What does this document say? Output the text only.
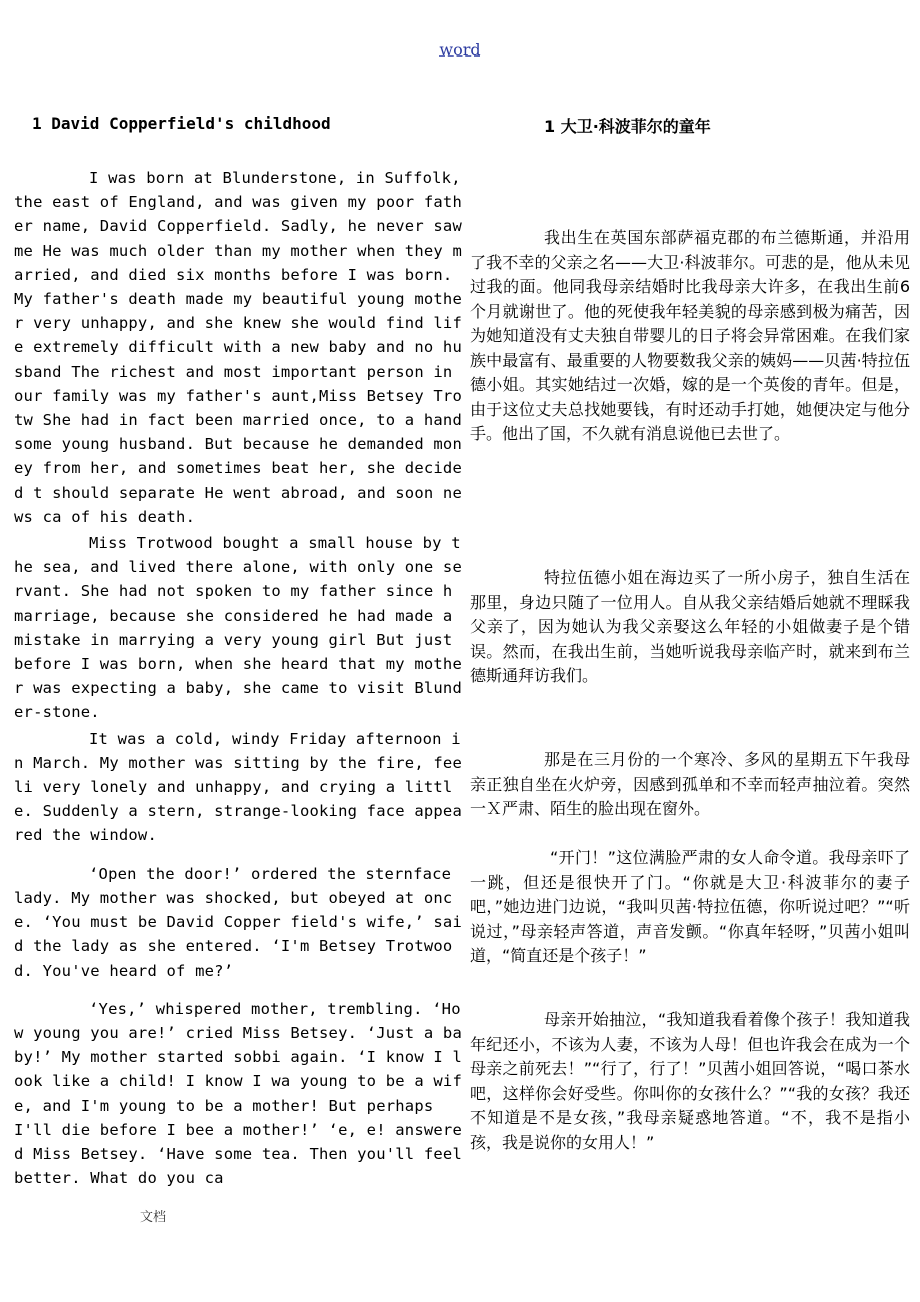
word
1 David Copperfield's childhood	1 大卫·科波菲尔的童年

I was born at Blunderstone, in Suffolk, the east of England, and was given my poor father name, David Copperfield. Sadly, he never saw me He was much older than my mother when they married, and died six months before I was born. My father's death made my beautiful young mother very unhappy, and she knew she would find life extremely difficult with a new baby and no husband The richest and most important person in our family was my father's aunt,Miss Betsey Trotw She had in fact been married once, to a handsome young husband. But because he demanded money from her, and sometimes beat her, she decided t should separate He went abroad, and soon news ca of his death.

Miss Trotwood bought a small house by the sea, and lived there alone, with only one servant. She had not spoken to my father since h marriage, because she considered he had made a mistake in marrying a very young girl But just before I was born, when she heard that my mother was expecting a baby, she came to visit Blunder-stone.

It was a cold, windy Friday afternoon in March. My mother was sitting by the fire, feeli very lonely and unhappy, and crying a little. Suddenly a stern, strange-looking face appeared the window.

‘Open the door!’ ordered the sternface lady. My mother was shocked, but obeyed at once. ‘You must be David Copper field's wife,’ said the lady as she entered. ‘I'm Betsey Trotwood. You've heard of me?’

‘Yes,’ whispered mother, trembling. ‘How young you are!’ cried Miss Betsey. ‘Just a baby!’ My mother started sobbi again. ‘I know I look like a child! I know I wa young to be a wife, and I'm young to be a mother! But perhaps I'll die before I bee a mother!’ ‘e, e! answered Miss Betsey. ‘Have some tea. Then you'll feel better. What do you ca

我出生在英国东部萨福克郡的布兰德斯通，并沿用了我不幸的父亲之名——大卫·科波菲尔。可悲的是，他从未见过我的面。他同我母亲结婚时比我母亲大许多，在我出生前6个月就谢世了。他的死使我年轻美貌的母亲感到极为痛苦，因为她知道没有丈夫独自带婴儿的日子将会异常困难。在我们家族中最富有、最重要的人物要数我父亲的姨妈——贝茜·特拉伍德小姐。其实她结过一次婚，嫁的是一个英俊的青年。但是，由于这位丈夫总找她要钱，有时还动手打她，她便决定与他分手。他出了国，不久就有消息说他已去世了。

特拉伍德小姐在海边买了一所小房子，独自生活在那里，身边只随了一位用人。自从我父亲结婚后她就不理睬我父亲了，因为她认为我父亲娶这么年轻的小姐做妻子是个错误。然而，在我出生前，当她听说我母亲临产时，就来到布兰德斯通拜访我们。

那是在三月份的一个寒冷、多风的星期五下午我母亲正独自坐在火炉旁，因感到孤单和不幸而轻声抽泣着。突然一Ｘ严肃、陌生的脸出现在窗外。

“开门！”这位满脸严肃的女人命令道。我母亲吓了一跳，但还是很快开了门。“你就是大卫·科波菲尔的妻子吧，”她边进门边说，“我叫贝茜·特拉伍德，你听说过吧？”“听说过，”母亲轻声答道，声音发颤。“你真年轻呀，”贝茜小姐叫道，“简直还是个孩子！”

母亲开始抽泣，“我知道我看着像个孩子！我知道我年纪还小，不该为人妻，不该为人母！但也许我会在成为一个母亲之前死去！”“行了，行了！”贝茜小姐回答说，“喝口茶水吧，这样你会好受些。你叫你的女孩什么？”“我的女孩？我还不知道是不是女孩，”我母亲疑惑地答道。“不，我不是指小孩，我是说你的女用人！”

文档
